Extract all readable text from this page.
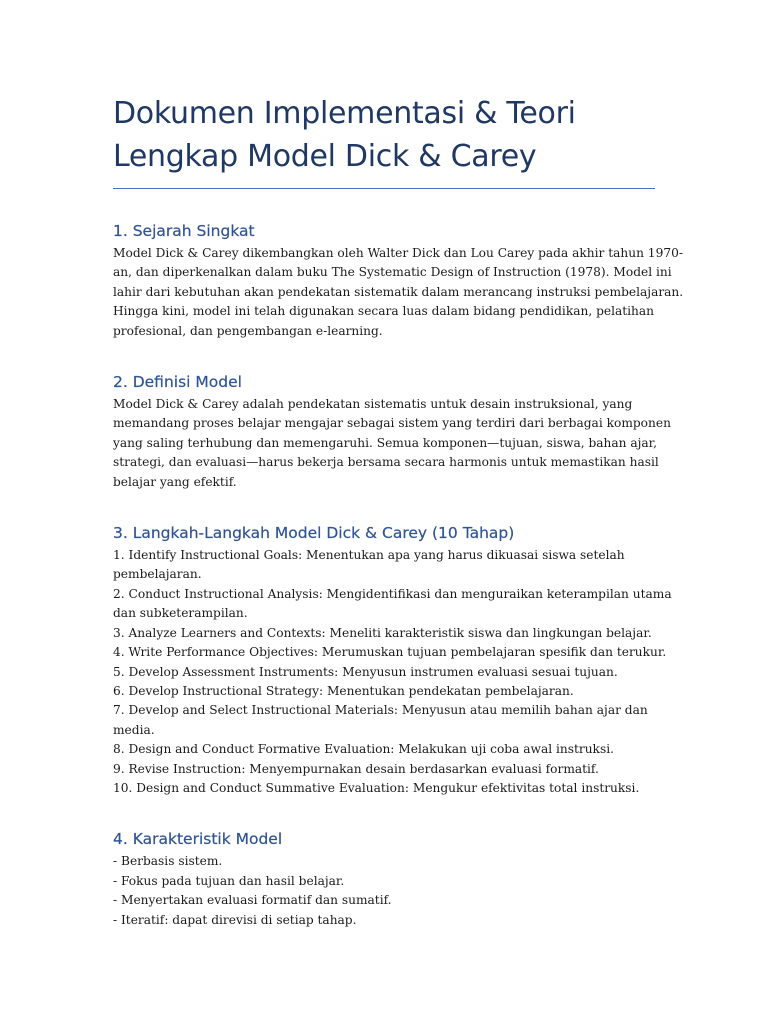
Dokumen Implementasi & Teori
Lengkap Model Dick & Carey
1. Sejarah Singkat
Model Dick & Carey dikembangkan oleh Walter Dick dan Lou Carey pada akhir tahun 1970-
an, dan diperkenalkan dalam buku The Systematic Design of Instruction (1978). Model ini
lahir dari kebutuhan akan pendekatan sistematik dalam merancang instruksi pembelajaran.
Hingga kini, model ini telah digunakan secara luas dalam bidang pendidikan, pelatihan
profesional, dan pengembangan e-learning.
2. Definisi Model
Model Dick & Carey adalah pendekatan sistematis untuk desain instruksional, yang
memandang proses belajar mengajar sebagai sistem yang terdiri dari berbagai komponen
yang saling terhubung dan memengaruhi. Semua komponen—tujuan, siswa, bahan ajar,
strategi, dan evaluasi—harus bekerja bersama secara harmonis untuk memastikan hasil
belajar yang efektif.
3. Langkah-Langkah Model Dick & Carey (10 Tahap)
1. Identify Instructional Goals: Menentukan apa yang harus dikuasai siswa setelah
pembelajaran.
2. Conduct Instructional Analysis: Mengidentifikasi dan menguraikan keterampilan utama
dan subketerampilan.
3. Analyze Learners and Contexts: Meneliti karakteristik siswa dan lingkungan belajar.
4. Write Performance Objectives: Merumuskan tujuan pembelajaran spesifik dan terukur.
5. Develop Assessment Instruments: Menyusun instrumen evaluasi sesuai tujuan.
6. Develop Instructional Strategy: Menentukan pendekatan pembelajaran.
7. Develop and Select Instructional Materials: Menyusun atau memilih bahan ajar dan
media.
8. Design and Conduct Formative Evaluation: Melakukan uji coba awal instruksi.
9. Revise Instruction: Menyempurnakan desain berdasarkan evaluasi formatif.
10. Design and Conduct Summative Evaluation: Mengukur efektivitas total instruksi.
4. Karakteristik Model
- Berbasis sistem.
- Fokus pada tujuan dan hasil belajar.
- Menyertakan evaluasi formatif dan sumatif.
- Iteratif: dapat direvisi di setiap tahap.
